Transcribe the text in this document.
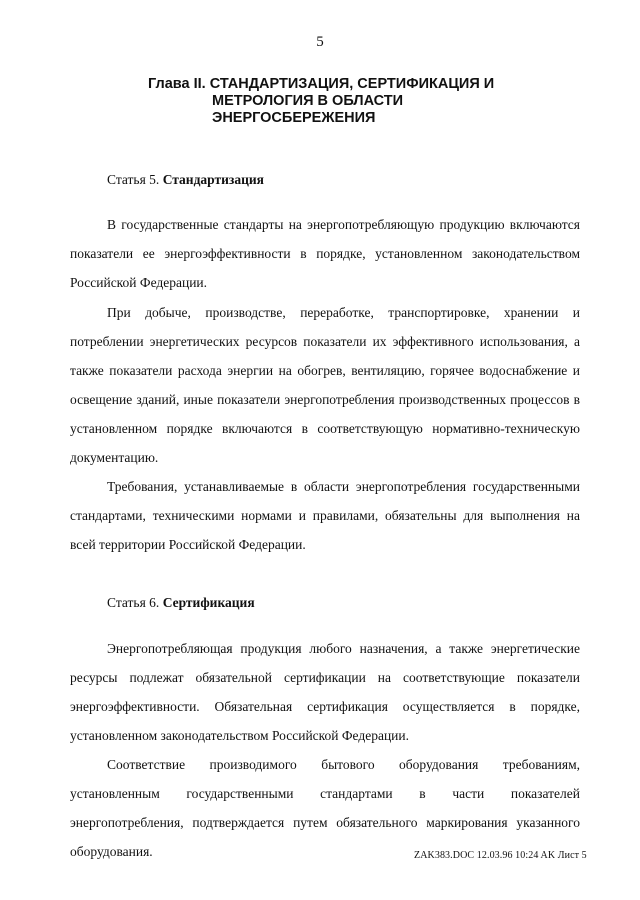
5
Глава II. СТАНДАРТИЗАЦИЯ, СЕРТИФИКАЦИЯ И
МЕТРОЛОГИЯ В ОБЛАСТИ
ЭНЕРГОСБЕРЕЖЕНИЯ
Статья 5. Стандартизация

В государственные стандарты на энергопотребляющую продукцию включаются показатели ее энергоэффективности в порядке, установленном законодательством Российской Федерации.

При добыче, производстве, переработке, транспортировке, хранении и потреблении энергетических ресурсов показатели их эффективного использования, а также показатели расхода энергии на обогрев, вентиляцию, горячее водоснабжение и освещение зданий, иные показатели энергопотребления производственных процессов в установленном порядке включаются в соответствующую нормативно-техническую документацию.

Требования, устанавливаемые в области энергопотребления государственными стандартами, техническими нормами и правилами, обязательны для выполнения на всей территории Российской Федерации.

Статья 6. Сертификация

Энергопотребляющая продукция любого назначения, а также энергетические ресурсы подлежат обязательной сертификации на соответствующие показатели энергоэффективности. Обязательная сертификация осуществляется в порядке, установленном законодательством Российской Федерации.

Соответствие производимого бытового оборудования требованиям, установленным государственными стандартами в части показателей энергопотребления, подтверждается путем обязательного маркирования указанного оборудования.	ZAK383.DOC 12.03.96 10:24 AK Лист 5
